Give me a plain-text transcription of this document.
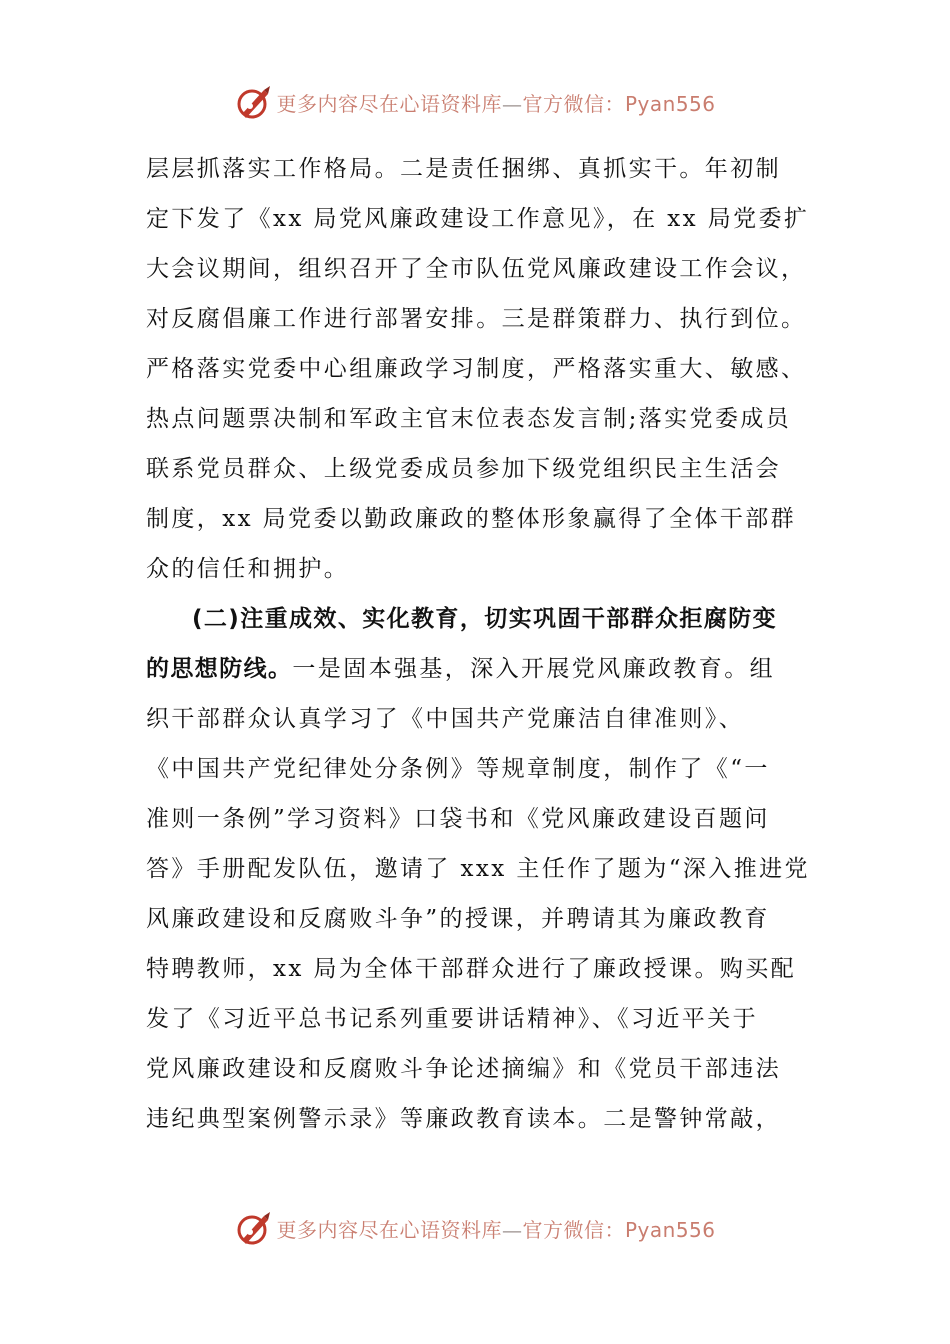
更多内容尽在心语资料库—官方微信：Pyan556
层层抓落实工作格局。二是责任捆绑、真抓实干。年初制
定下发了《xx 局党风廉政建设工作意见》，在 xx 局党委扩
大会议期间，组织召开了全市队伍党风廉政建设工作会议，
对反腐倡廉工作进行部署安排。三是群策群力、执行到位。
严格落实党委中心组廉政学习制度，严格落实重大、敏感、
热点问题票决制和军政主官末位表态发言制;落实党委成员
联系党员群众、上级党委成员参加下级党组织民主生活会
制度，xx 局党委以勤政廉政的整体形象赢得了全体干部群
众的信任和拥护。
(二)注重成效、实化教育，切实巩固干部群众拒腐防变
的思想防线。一是固本强基，深入开展党风廉政教育。组
织干部群众认真学习了《中国共产党廉洁自律准则》、
《中国共产党纪律处分条例》等规章制度，制作了《“一
准则一条例”学习资料》口袋书和《党风廉政建设百题问
答》手册配发队伍，邀请了 xxx 主任作了题为“深入推进党
风廉政建设和反腐败斗争”的授课，并聘请其为廉政教育
特聘教师，xx 局为全体干部群众进行了廉政授课。购买配
发了《习近平总书记系列重要讲话精神》、《习近平关于
党风廉政建设和反腐败斗争论述摘编》和《党员干部违法
违纪典型案例警示录》等廉政教育读本。二是警钟常敲，
更多内容尽在心语资料库—官方微信：Pyan556
